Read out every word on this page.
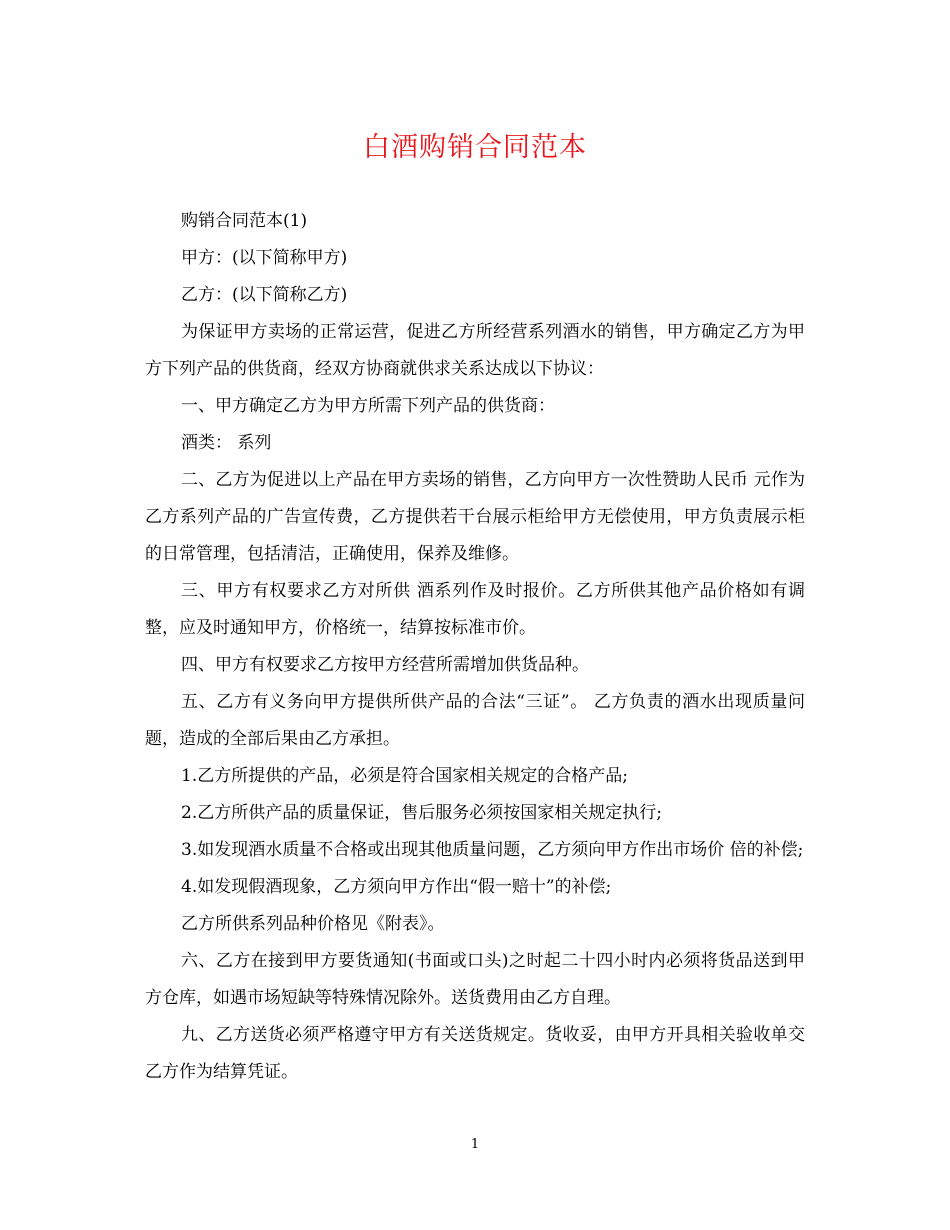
白酒购销合同范本

购销合同范本(1)

甲方：(以下简称甲方)

乙方：(以下简称乙方)

为保证甲方卖场的正常运营，促进乙方所经营系列酒水的销售，甲方确定乙方为甲方下列产品的供货商，经双方协商就供求关系达成以下协议：

一、甲方确定乙方为甲方所需下列产品的供货商：

酒类： 系列

二、乙方为促进以上产品在甲方卖场的销售，乙方向甲方一次性赞助人民币 元作为乙方系列产品的广告宣传费，乙方提供若干台展示柜给甲方无偿使用，甲方负责展示柜的日常管理，包括清洁，正确使用，保养及维修。

三、甲方有权要求乙方对所供 酒系列作及时报价。乙方所供其他产品价格如有调整，应及时通知甲方，价格统一，结算按标准市价。

四、甲方有权要求乙方按甲方经营所需增加供货品种。

五、乙方有义务向甲方提供所供产品的合法“三证”。 乙方负责的酒水出现质量问题，造成的全部后果由乙方承担。

1.乙方所提供的产品，必须是符合国家相关规定的合格产品;

2.乙方所供产品的质量保证，售后服务必须按国家相关规定执行;

3.如发现酒水质量不合格或出现其他质量问题，乙方须向甲方作出市场价 倍的补偿;

4.如发现假酒现象，乙方须向甲方作出“假一赔十”的补偿;

乙方所供系列品种价格见《附表》。

六、乙方在接到甲方要货通知(书面或口头)之时起二十四小时内必须将货品送到甲方仓库，如遇市场短缺等特殊情况除外。送货费用由乙方自理。

九、乙方送货必须严格遵守甲方有关送货规定。货收妥，由甲方开具相关验收单交乙方作为结算凭证。

1
